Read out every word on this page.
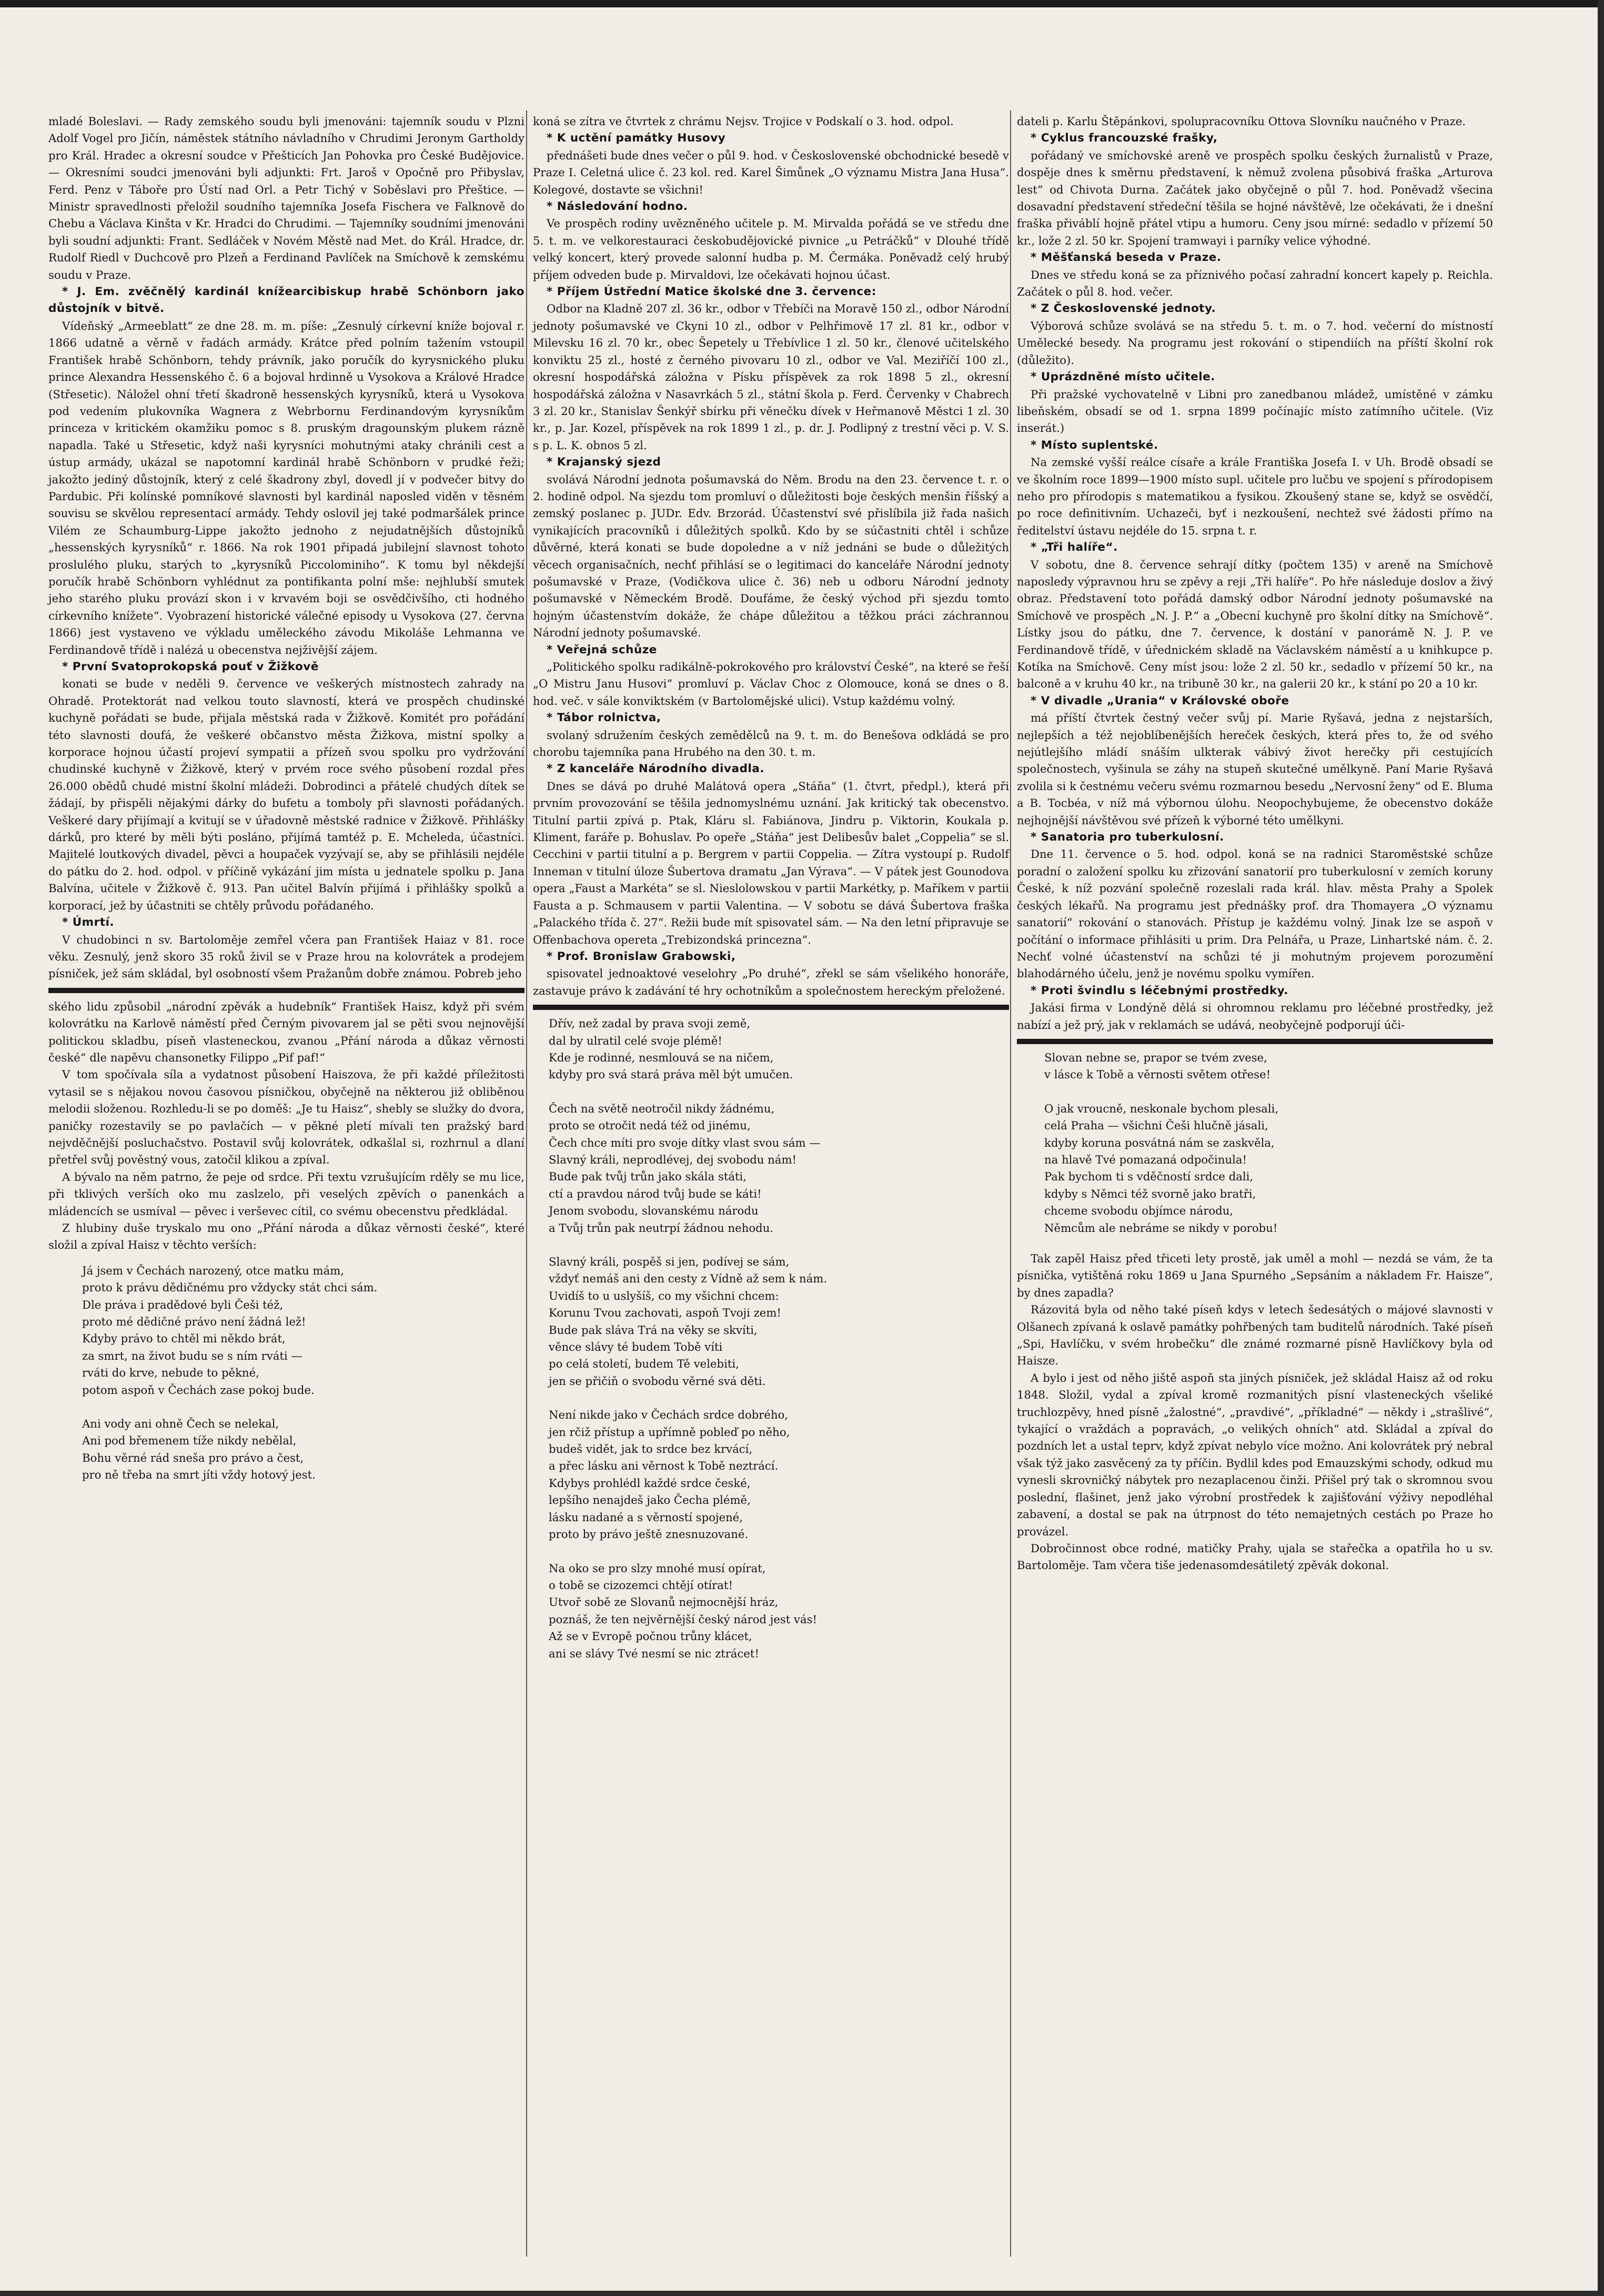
mladé Boleslavi. — Rady zemského soudu byli jmenováni: tajemník soudu v Plzni Adolf Vogel pro Jičín, náměstek státního návladního v Chrudimi Jeronym Gartholdy pro Král. Hradec a okresní soudce v Přešticích Jan Pohovka pro České Budějovice. — Okresními soudci jmenováni byli adjunkti: Frt. Jaroš v Opočně pro Přibyslav, Ferd. Penz v Táboře pro Ústí nad Orl. a Petr Tichý v Soběslavi pro Přeštice. — Ministr spravedlnosti přeložil soudního tajemníka Josefa Fischera ve Falknově do Chebu a Václava Kinšta v Kr. Hradci do Chrudimi. — Tajemníky soudními jmenováni byli soudní adjunkti: Frant. Sedláček v Novém Městě nad Met. do Král. Hradce, dr. Rudolf Riedl v Duchcově pro Plzeň a Ferdinand Pavlíček na Smíchově k zemskému soudu v Praze.

* J. Em. zvěčnělý kardinál knížearcibiskup hrabě Schönborn jako důstojník v bitvě.

Vídeňský „Armeeblatt“ ze dne 28. m. m. píše: „Zesnulý církevní kníže bojoval r. 1866 udatně a věrně v řadách armády. Krátce před polním tažením vstoupil František hrabě Schönborn, tehdy právník, jako poručík do kyrysnického pluku prince Alexandra Hessenského č. 6 a bojoval hrdinně u Vysokova a Králové Hradce (Střesetic). Náložel ohní třetí škadroně hessenských kyrysníků, která u Vysokova pod vedením plukovníka Wagnera z Webrbornu Ferdinandovým kyrysníkům princeza v kritickém okamžiku pomoc s 8. pruským dragounským plukem rázně napadla. Také u Střesetic, když naši kyrysníci mohutnými ataky chránili cest a ústup armády, ukázal se napotomní kardinál hrabě Schönborn v prudké řeži; jakožto jediný důstojník, který z celé škadrony zbyl, dovedl jí v podvečer bitvy do Pardubic. Při kolínské pomníkové slavnosti byl kardinál naposled viděn v těsném souvisu se skvělou representací armády. Tehdy oslovil jej také podmaršálek prince Vilém ze Schaumburg-Lippe jakožto jednoho z nejudatnějších důstojníků „hessenských kyrysníků“ r. 1866. Na rok 1901 připadá jubilejní slavnost tohoto proslulého pluku, starých to „kyrysníků Piccolominiho“. K tomu byl někdejší poručík hrabě Schönborn vyhlédnut za pontifikanta polní mše: nejhlubší smutek jeho starého pluku provází skon i v krvavém boji se osvědčivšího, cti hodného církevního knížete“. Vyobrazení historické válečné episody u Vysokova (27. června 1866) jest vystaveno ve výkladu uměleckého závodu Mikoláše Lehmanna ve Ferdinandově třídě i nalézá u obecenstva nejživější zájem.

* První Svatoprokopská pouť v Žižkově

konati se bude v neděli 9. července ve veškerých místnostech zahrady na Ohradě. Protektorát nad velkou touto slavností, která ve prospěch chudinské kuchyně pořádati se bude, přijala městská rada v Žižkově. Komitét pro pořádání této slavnosti doufá, že veškeré občanstvo města Žižkova, mistní spolky a korporace hojnou účastí projeví sympatii a přízeň svou spolku pro vydržování chudinské kuchyně v Žižkově, který v prvém roce svého působení rozdal přes 26.000 obědů chudé mistní školní mládeži. Dobrodinci a přátelé chudých dítek se žádají, by přispěli nějakými dárky do bufetu a tomboly při slavnosti pořádaných. Veškeré dary přijímají a kvitují se v úřadovně městské radnice v Žižkově. Přihlášky dárků, pro které by měli býti posláno, přijímá tamtéž p. E. Mcheleda, účastníci. Majitelé loutkových divadel, pěvci a houpaček vyzývají se, aby se přihlásili nejdéle do pátku do 2. hod. odpol. v příčině vykázání jim místa u jednatele spolku p. Jana Balvína, učitele v Žižkově č. 913. Pan učitel Balvín přijímá i přihlášky spolků a korporací, jež by účastniti se chtěly průvodu pořádaného.

* Úmrtí.

V chudobinci n sv. Bartoloměje zemřel včera pan František Haiaz v 81. roce věku. Zesnulý, jenž skoro 35 roků živil se v Praze hrou na kolovrátek a prodejem písniček, jež sám skládal, byl osobností všem Pražanům dobře známou. Pobreb jeho

ského lidu způsobil „národní zpěvák a hudebník“ František Haisz, když při svém kolovrátku na Karlově náměstí před Černým pivovarem jal se pěti svou nejnovější politickou skladbu, píseň vlasteneckou, zvanou „Přání národa a důkaz věrnosti české“ dle napěvu chansonetky Filippo „Pif paf!“

V tom spočívala síla a vydatnost působení Haiszova, že při každé příležitosti vytasil se s nějakou novou časovou písničkou, obyčejně na některou již obliběnou melodii složenou. Rozhledu-li se po doměš: „Je tu Haisz“, shebly se služky do dvora, paničky rozestavily se po pavlačích — v pěkné pletí mívali ten pražský bard nejvděčnější posluchačstvo. Postavil svůj kolovrátek, odkašlal si, rozhrnul a dlaní přetřel svůj pověstný vous, zatočil klikou a zpíval.

A bývalo na něm patrno, že peje od srdce. Při textu vzrušujícím rděly se mu lice, při tklivých verších oko mu zaslzelo, při veselých zpěvích o panenkách a mládencích se usmíval — pěvec i verševec cítil, co svému obecenstvu předkládal.

Z hlubiny duše tryskalo mu ono „Přání národa a důkaz věrnosti české“, které složil a zpíval Haisz v těchto verších:

Já jsem v Čechách narozený, otce matku mám,
proto k právu dědičnému pro vždycky stát chci sám.
Dle práva i pradědové byli Češi též,
proto mé dědičné právo není žádná lež!
Kdyby právo to chtěl mi někdo brát,
za smrt, na život budu se s ním rváti —
rváti do krve, nebude to pěkné,
potom aspoň v Čechách zase pokoj bude.
Ani vody ani ohně Čech se nelekal,
Ani pod břemenem tíže nikdy nebělal,
Bohu věrné rád sneša pro právo a čest,
pro ně třeba na smrt jíti vždy hotový jest.

koná se zítra ve čtvrtek z chrámu Nejsv. Trojice v Podskalí o 3. hod. odpol.

* K uctění památky Husovy

přednášeti bude dnes večer o půl 9. hod. v Československé obchodnické besedě v Praze I. Celetná ulice č. 23 kol. red. Karel Šimůnek „O významu Mistra Jana Husa“. Kolegové, dostavte se všichni!

* Následování hodno.

Ve prospěch rodiny uvězněného učitele p. M. Mirvalda pořádá se ve středu dne 5. t. m. ve velkorestauraci českobudějovické pivnice „u Petráčků“ v Dlouhé třídě velký koncert, který provede salonní hudba p. M. Čermáka. Poněvadž celý hrubý příjem odveden bude p. Mirvaldovi, lze očekávati hojnou účast.

* Příjem Ústřední Matice školské dne 3. července:

Odbor na Kladně 207 zl. 36 kr., odbor v Třebíči na Moravě 150 zl., odbor Národní jednoty pošumavské ve Ckyni 10 zl., odbor v Pelhřimově 17 zl. 81 kr., odbor v Milevsku 16 zl. 70 kr., obec Šepetely u Třebívlice 1 zl. 50 kr., členové učitelského konviktu 25 zl., hosté z černého pivovaru 10 zl., odbor ve Val. Meziříčí 100 zl., okresní hospodářská záložna v Písku příspěvek za rok 1898 5 zl., okresní hospodářská záložna v Nasavrkách 5 zl., státní škola p. Ferd. Červenky v Chabrech 3 zl. 20 kr., Stanislav Šenkýř sbírku při věnečku dívek v Heřmanově Městci 1 zl. 30 kr., p. Jar. Kozel, příspěvek na rok 1899 1 zl., p. dr. J. Podlipný z trestní věci p. V. S. s p. L. K. obnos 5 zl.

* Krajanský sjezd

svolává Národní jednota pošumavská do Něm. Brodu na den 23. července t. r. o 2. hodině odpol. Na sjezdu tom promluví o důležitosti boje českých menšin říšský a zemský poslanec p. JUDr. Edv. Brzorád. Účastenství své přislíbila již řada našich vynikajících pracovníků i důležitých spolků. Kdo by se súčastniti chtěl i schůze důvěrné, která konati se bude dopoledne a v níž jednáni se bude o důležitých věcech organisačních, nechť přihlásí se o legitimaci do kanceláře Národní jednoty pošumavské v Praze, (Vodičkova ulice č. 36) neb u odboru Národní jednoty pošumavské v Německém Brodě. Doufáme, že český východ při sjezdu tomto hojným účastenstvím dokáže, že chápe důležitou a těžkou práci záchrannou Národní jednoty pošumavské.

* Veřejná schůze

„Politického spolku radikálně-pokrokového pro království České“, na které se řeší „O Mistru Janu Husovi“ promluví p. Václav Choc z Olomouce, koná se dnes o 8. hod. več. v sále konviktském (v Bartolomějské ulici). Vstup každému volný.

* Tábor rolnictva,

svolaný sdružením českých zemědělců na 9. t. m. do Benešova odkládá se pro chorobu tajemníka pana Hrubého na den 30. t. m.

* Z kanceláře Národního divadla.

Dnes se dává po druhé Malátová opera „Stáňa“ (1. čtvrt, předpl.), která při prvním provozování se těšila jednomyslnému uznání. Jak kritický tak obecenstvo. Titulní partii zpívá p. Ptak, Kláru sl. Fabiánova, Jindru p. Viktorin, Koukala p. Kliment, faráře p. Bohuslav. Po opeře „Stáňa“ jest Delibesův balet „Coppelia“ se sl. Cecchini v partii titulní a p. Bergrem v partii Coppelia. — Zítra vystoupí p. Rudolf Inneman v titulní úloze Šubertova dramatu „Jan Výrava“. — V pátek jest Gounodova opera „Faust a Markéta“ se sl. Nieslolowskou v partii Markétky, p. Maříkem v partii Fausta a p. Schmausem v partii Valentina. — V sobotu se dává Šubertova fraška „Palackého třída č. 27“. Režii bude mít spisovatel sám. — Na den letní připravuje se Offenbachova opereta „Trebizondská princezna“.

* Prof. Bronislaw Grabowski,

spisovatel jednoaktové veselohry „Po druhé“, zřekl se sám všelikého honoráře, zastavuje právo k zadávání té hry ochotníkům a společnostem hereckým přeložené.

Dřív, než zadal by prava svoji země,
dal by ulratil celé svoje plémě!
Kde je rodinné, nesmlouvá se na ničem,
kdyby pro svá stará práva měl být umučen.
Čech na světě neotročil nikdy žádnému,
proto se otročit nedá též od jinému,
Čech chce míti pro svoje dítky vlast svou sám —
Slavný králi, neprodlévej, dej svobodu nám!
Bude pak tvůj trůn jako skála státi,
ctí a pravdou národ tvůj bude se káti!
Jenom svobodu, slovanskému národu
a Tvůj trůn pak neutrpí žádnou nehodu.
Slavný králi, pospěš si jen, podívej se sám,
vždyť nemáš ani den cesty z Vídně až sem k nám.
Uvidíš to u uslyšíš, co my všichni chcem:
Korunu Tvou zachovati, aspoň Tvoji zem!
Bude pak sláva Trá na věky se skvíti,
věnce slávy té budem Tobě víti
po celá století, budem Tě velebiti,
jen se přičiň o svobodu věrné svá děti.
Není nikde jako v Čechách srdce dobrého,
jen rčiž přístup a upřímně pobleď po něho,
budeš vidět, jak to srdce bez krvácí,
a přec lásku ani věrnost k Tobě neztrácí.
Kdybys prohlédl každé srdce české,
lepšího nenajdeš jako Čecha plémě,
lásku nadané a s věrností spojené,
proto by právo ještě znesnuzované.
Na oko se pro slzy mnohé musí opírat,
o tobě se cizozemci chtějí otírat!
Utvoř sobě ze Slovanů nejmocnější hráz,
poznáš, že ten nejvěrnější český národ jest vás!
Až se v Evropě počnou trůny klácet,
ani se slávy Tvé nesmí se nic ztrácet!

dateli p. Karlu Štěpánkovi, spolupracovníku Ottova Slovníku naučného v Praze.

* Cyklus francouzské frašky,

pořádaný ve smíchovské areně ve prospěch spolku českých žurnalistů v Praze, dospěje dnes k směrnu představení, k němuž zvolena působivá fraška „Arturova lest“ od Chivota Durna. Začátek jako obyčejně o půl 7. hod. Poněvadž všecina dosavadní představení středeční těšila se hojné návštěvě, lze očekávati, že i dnešní fraška přiváblí hojně přátel vtipu a humoru. Ceny jsou mírné: sedadlo v přízemí 50 kr., lože 2 zl. 50 kr. Spojení tramwayi i parníky velice výhodné.

* Měšťanská beseda v Praze.

Dnes ve středu koná se za příznivého počasí zahradní koncert kapely p. Reichla. Začátek o půl 8. hod. večer.

* Z Československé jednoty.

Výborová schůze svolává se na středu 5. t. m. o 7. hod. večerní do místností Umělecké besedy. Na programu jest rokování o stipendiích na příští školní rok (důležito).

* Uprázdněné místo učitele.

Při pražské vychovatelně v Libni pro zanedbanou mládež, umístěné v zámku libeňském, obsadí se od 1. srpna 1899 počínajíc místo zatímního učitele. (Viz inserát.)

* Místo suplentské.

Na zemské vyšší reálce císaře a krále Františka Josefa I. v Uh. Brodě obsadí se ve školním roce 1899—1900 místo supl. učitele pro lučbu ve spojení s přírodopisem neho pro přírodopis s matematikou a fysikou. Zkoušený stane se, když se osvědčí, po roce definitivním. Uchazeči, byť i nezkoušení, nechtež své žádosti přímo na ředitelství ústavu nejdéle do 15. srpna t. r.

* „Tři halíře“.

V sobotu, dne 8. července sehrají dítky (počtem 135) v areně na Smíchově naposledy výpravnou hru se zpěvy a reji „Tři halíře“. Po hře následuje doslov a živý obraz. Představení toto pořádá damský odbor Národní jednoty pošumavské na Smíchově ve prospěch „N. J. P.“ a „Obecní kuchyně pro školní dítky na Smíchově“. Lístky jsou do pátku, dne 7. července, k dostání v panorámě N. J. P. ve Ferdinandově třídě, v úřednickém skladě na Václavském náměstí a u knihkupce p. Kotíka na Smíchově. Ceny míst jsou: lože 2 zl. 50 kr., sedadlo v přízemí 50 kr., na balconě a v kruhu 40 kr., na tribuně 30 kr., na galerii 20 kr., k stání po 20 a 10 kr.

* V divadle „Urania“ v Královské oboře

má příští čtvrtek čestný večer svůj pí. Marie Ryšavá, jedna z nejstarších, nejlepších a též nejoblíbenějších hereček českých, která přes to, že od svého nejútlejšího mládí snáším ulkterak vábivý život herečky při cestujících společnostech, vyšinula se záhy na stupeň skutečné umělkyně. Paní Marie Ryšavá zvolila si k čestnému večeru svému rozmarnou besedu „Nervosní ženy“ od E. Bluma a B. Tocbéa, v níž má výbornou úlohu. Neopochybujeme, že obecenstvo dokáže nejhojnější návštěvou své přízeň k výborné této umělkyni.

* Sanatoria pro tuberkulosní.

Dne 11. července o 5. hod. odpol. koná se na radnici Staroměstské schůze poradní o založení spolku ku zřizování sanatorií pro tuberkulosní v zemích koruny České, k níž pozvání společně rozeslali rada král. hlav. města Prahy a Spolek českých lékařů. Na programu jest přednášky prof. dra Thomayera „O významu sanatorií“ rokování o stanovách. Přístup je každému volný. Jinak lze se aspoň v počítání o informace přihlásiti u prim. Dra Pelnářa, u Praze, Linhartské nám. č. 2. Nechť volné účastenství na schůzi té ji mohutným projevem porozumění blahodárného účelu, jenž je novému spolku vymířen.

* Proti švindlu s léčebnými prostředky.

Jakási firma v Londýně dělá si ohromnou reklamu pro léčebné prostředky, jež nabízí a jež prý, jak v reklamách se udává, neobyčejně podporují úči-

Slovan nebne se, prapor se tvém zvese,
v lásce k Tobě a věrnosti světem otřese!
O jak vroucně, neskonale bychom plesali,
celá Praha — všichni Češi hlučně jásali,
kdyby koruna posvátná nám se zaskvěla,
na hlavě Tvé pomazaná odpočinula!
Pak bychom ti s vděčností srdce dali,
kdyby s Němci též svorně jako bratři,
chceme svobodu objímce národu,
Němcům ale nebráme se nikdy v porobu!

Tak zapěl Haisz před třiceti lety prostě, jak uměl a mohl — nezdá se vám, že ta písnička, vytištěná roku 1869 u Jana Spurného „Sepsáním a nákladem Fr. Haisze“, by dnes zapadla?

Rázovitá byla od něho také píseň kdys v letech šedesátých o májové slavnosti v Olšanech zpívaná k oslavě památky pohřbených tam buditelů národních. Také píseň „Spi, Havlíčku, v svém hrobečku“ dle známé rozmarné písně Havlíčkovy byla od Haisze.

A bylo i jest od něho jiště aspoň sta jiných písniček, jež skládal Haisz až od roku 1848. Složil, vydal a zpíval kromě rozmanitých písní vlasteneckých všeliké truchlozpěvy, hned písně „žalostné“, „pravdivé“, „příkladné“ — někdy i „strašlivé“, tykající o vraždách a popravách, „o velikých ohních“ atd. Skládal a zpíval do pozdních let a ustal teprv, když zpívat nebylo více možno. Ani kolovrátek prý nebral však týž jako zasvěcený za ty příčin. Bydlil kdes pod Emauzskými schody, odkud mu vynesli skrovničký nábytek pro nezaplacenou činži. Přišel prý tak o skromnou svou poslední, flašinet, jenž jako výrobní prostředek k zajišťování výživy nepodléhal zabavení, a dostal se pak na útrpnost do této nemajetných cestách po Praze ho provázel.

Dobročinnost obce rodné, matičky Prahy, ujala se stařečka a opatřila ho u sv. Bartoloměje. Tam včera tiše jedenasomdesátiletý zpěvák dokonal.
